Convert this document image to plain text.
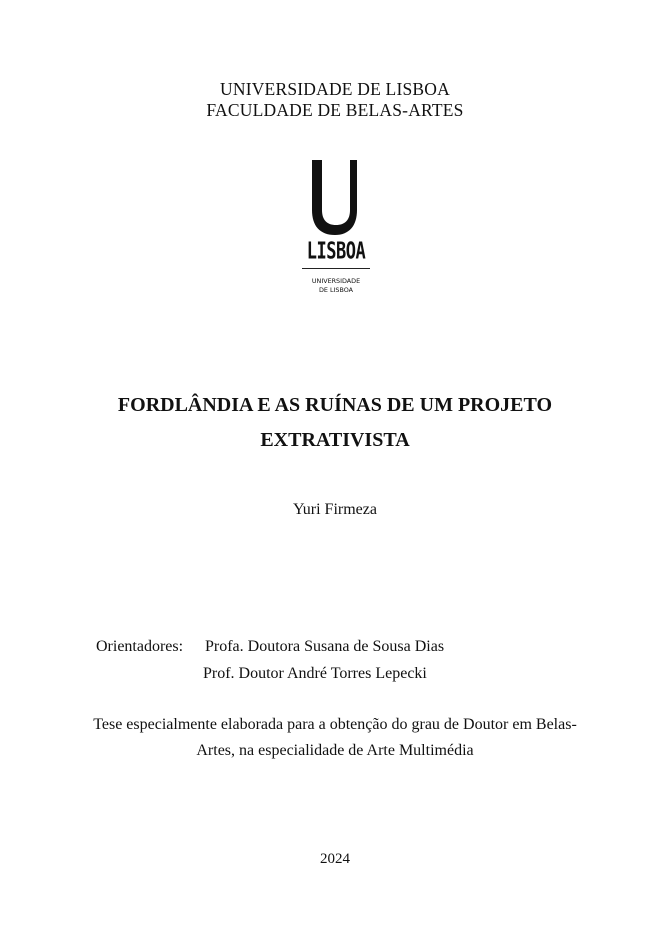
UNIVERSIDADE DE LISBOA
FACULDADE DE BELAS-ARTES
LISBOA
UNIVERSIDADE
DE LISBOA
FORDLÂNDIA E AS RUÍNAS DE UM PROJETO
EXTRATIVISTA
Yuri Firmeza
Orientadores: Profa. Doutora Susana de Sousa Dias
Prof. Doutor André Torres Lepecki
Tese especialmente elaborada para a obtenção do grau de Doutor em Belas-
Artes, na especialidade de Arte Multimédia
2024
